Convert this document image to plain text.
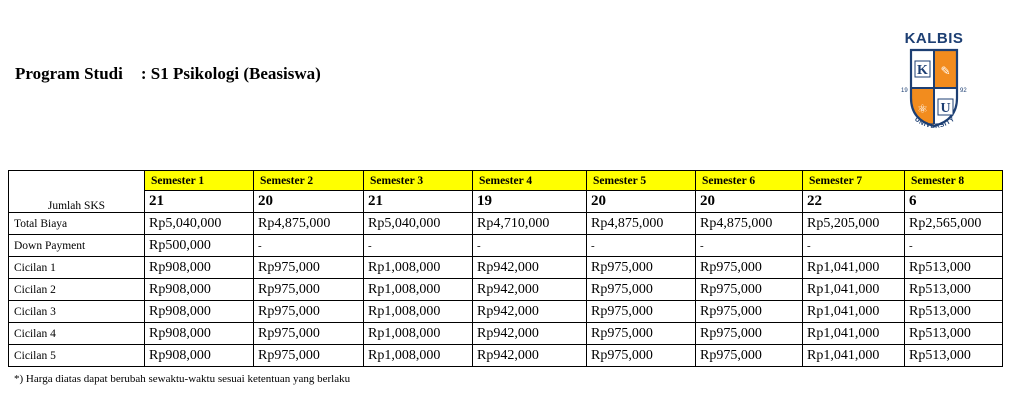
Program Studi : S1 Psikologi (Beasiswa)
KALBIS
K ✎
⚛ U
19	92
UNIVERSITY
Jumlah SKS	Semester 1	Semester 2	Semester 3	Semester 4	Semester 5	Semester 6	Semester 7	Semester 8
	21	20	21	19	20	20	22	6
Total Biaya	Rp5,040,000	Rp4,875,000	Rp5,040,000	Rp4,710,000	Rp4,875,000	Rp4,875,000	Rp5,205,000	Rp2,565,000
Down Payment	Rp500,000	-	-	-	-	-	-	-
Cicilan 1	Rp908,000	Rp975,000	Rp1,008,000	Rp942,000	Rp975,000	Rp975,000	Rp1,041,000	Rp513,000
Cicilan 2	Rp908,000	Rp975,000	Rp1,008,000	Rp942,000	Rp975,000	Rp975,000	Rp1,041,000	Rp513,000
Cicilan 3	Rp908,000	Rp975,000	Rp1,008,000	Rp942,000	Rp975,000	Rp975,000	Rp1,041,000	Rp513,000
Cicilan 4	Rp908,000	Rp975,000	Rp1,008,000	Rp942,000	Rp975,000	Rp975,000	Rp1,041,000	Rp513,000
Cicilan 5	Rp908,000	Rp975,000	Rp1,008,000	Rp942,000	Rp975,000	Rp975,000	Rp1,041,000	Rp513,000
*) Harga diatas dapat berubah sewaktu-waktu sesuai ketentuan yang berlaku
